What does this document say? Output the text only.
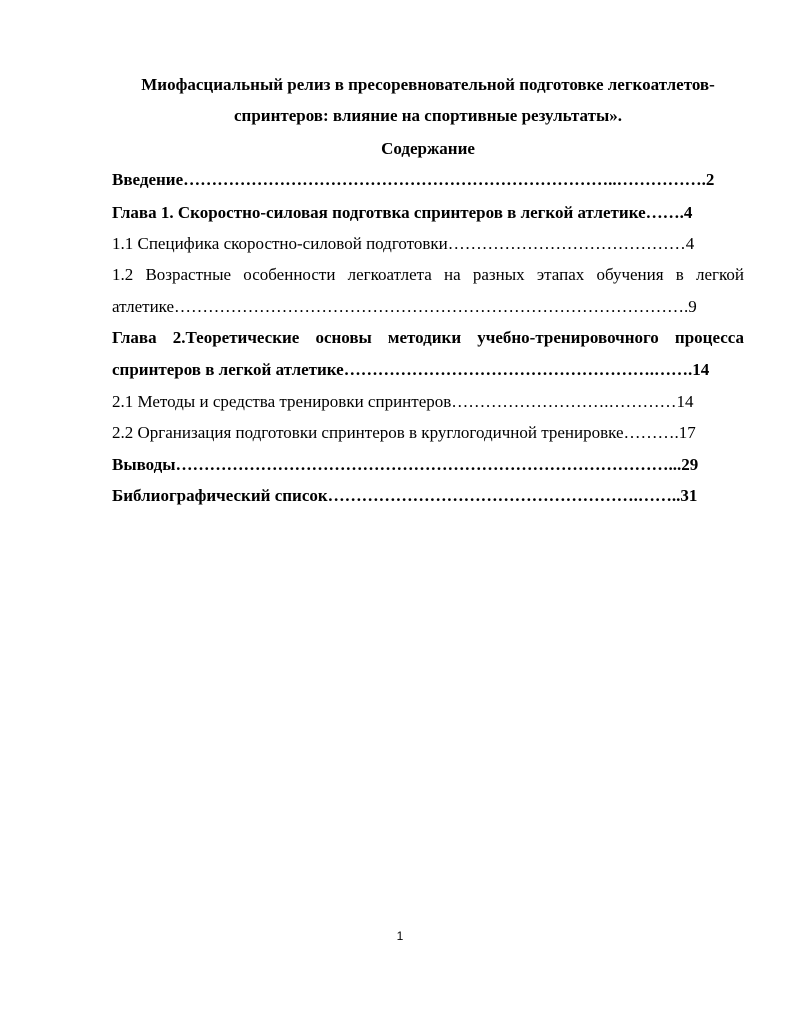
Миофасциальный релиз в пресоревновательной подготовке легкоатлетов-
спринтеров: влияние на спортивные результаты».
Содержание
Введение…………………………………………………………………..…………….2
Глава 1. Скоростно-силовая подготвка спринтеров в легкой атлетике…….4
1.1 Специфика скоростно-силовой подготовки……………………………………4
1.2 Возрастные особенности легкоатлета на разных этапах обучения в легкой
атлетике……………………………………………………………………………….9
Глава 2.Теоретические основы методики учебно-тренировочного процесса
спринтеров в легкой атлетике……………………………………………….…….14
2.1 Методы и средства тренировки спринтеров……………………….…………14
2.2 Организация подготовки спринтеров в круглогодичной тренировке……….17
Выводы……………………………………………………………………………...29
Библиографический список……………………………………………….……..31
1
